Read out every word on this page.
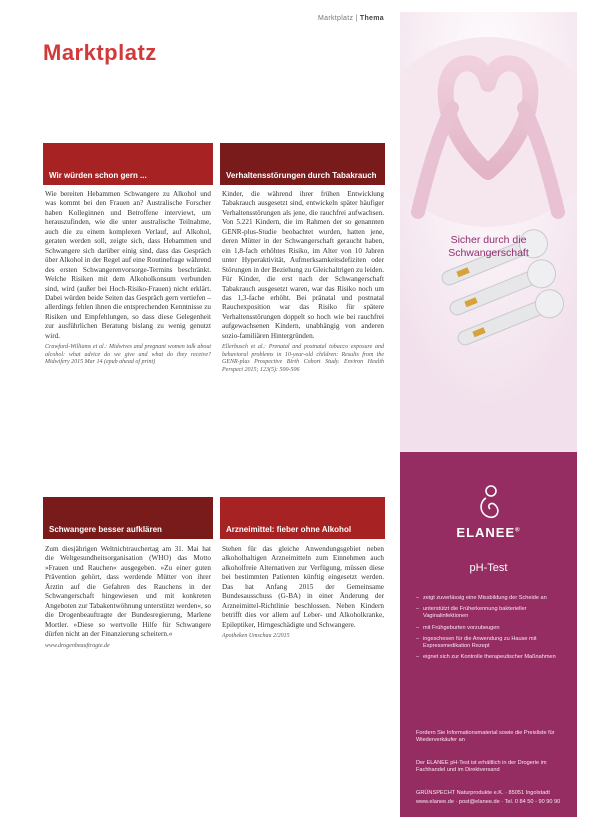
Marktplatz | Thema
Marktplatz
Wir würden schon gern ...

Wie bereiten Hebammen Schwangere zu Alkohol und was kommt bei den Frauen an? Australische Forscher haben Kolleginnen und Betroffene interviewt, um herauszufinden, wie die unter australische Teilnahme, auch die zu einem komplexen Verlauf, auf Alkohol, geraten werden soll, zeigte sich, dass Hebammen und Schwangere sich darüber einig sind, dass das Gespräch über Alkohol in der Regel auf eine Routinefrage während des ersten Schwangerenvorsorge-Termins beschränkt. Welche Risiken mit dem Alkoholkonsum verbunden sind, wird (außer bei Hoch-Risiko-Frauen) nicht erklärt. Dabei würden beide Seiten das Gespräch gern vertiefen – allerdings fehlen ihnen die entsprechenden Kenntnisse zu Risiken und Empfehlungen, so dass diese Gelegenheit zur ausführlichen Beratung bislang zu wenig genutzt wird.

Crawford-Williams et al.: Midwives and pregnant women talk about alcohol: what advice do we give and what do they receive? Midwifery 2015 Mar 14 (epub ahead of print)

Verhaltensstörungen durch Tabakrauch

Kinder, die während ihrer frühen Entwicklung Tabakrauch ausgesetzt sind, entwickeln später häufiger Verhaltensstörungen als jene, die rauchfrei aufwachsen. Von 5.221 Kindern, die im Rahmen der so genannten GENR-plus-Studie beobachtet wurden, hatten jene, deren Mütter in der Schwangerschaft geraucht haben, ein 1,8-fach erhöhtes Risiko, im Alter von 10 Jahren unter Hyperaktivität, Aufmerksamkeitsdefiziten oder Störungen in der Beziehung zu Gleichaltrigen zu leiden. Für Kinder, die erst nach der Schwangerschaft Tabakrauch ausgesetzt waren, war das Risiko noch um das 1,3-fache erhöht. Bei pränatal und postnatal Rauchexposition war das Risiko für spätere Verhaltensstörungen doppelt so hoch wie bei rauchfrei aufgewachsenen Kindern, unabhängig von anderen sozio-familiären Hintergründen.

Ellerbusch et al.: Prenatal and postnatal tobacco exposure and behavioral problems in 10-year-old children: Results from the GENR-plus Prospective Birth Cohort Study. Environ Health Perspect 2015; 123(5): 500-506

Schwangere besser aufklären

Zum diesjährigen Weltnichtrauchertag am 31. Mai hat die Weltgesundheitsorganisation (WHO) das Motto »Frauen und Rauchen« ausgegeben. »Zu einer guten Prävention gehört, dass werdende Mütter von ihrer Ärztin auf die Gefahren des Rauchens in der Schwangerschaft hingewiesen und mit konkreten Angeboten zur Tabakentwöhnung unterstützt werden«, so die Drogenbeauftragte der Bundesregierung, Marlene Mortler. »Diese so wertvolle Hilfe für Schwangere dürfen nicht an der Finanzierung scheitern.«

www.drogenbeauftragte.de

Arzneimittel: fieber ohne Alkohol

Stehen für das gleiche Anwendungsgebiet neben alkoholhaltigen Arzneimitteln zum Einnehmen auch alkoholfreie Alternativen zur Verfügung, müssen diese bei bestimmten Patienten künftig eingesetzt werden. Das hat Anfang 2015 der Gemeinsame Bundesausschuss (G-BA) in einer Änderung der Arzneimittel-Richtlinie beschlossen. Neben Kindern betrifft dies vor allem auf Leber- und Alkoholkranke, Epileptiker, Hirngeschädigte und Schwangere.

Apotheken Umschau 2/2015

Sicher durch die
Schwangerschaft
ELANEE®
pH-Test
– zeigt zuverlässig eine Missbildung der Scheide an
– unterstützt die Früherkennung bakterieller Vaginalinfektionen
– mit Frühgeburten vorzubeugen
– ingeschesen für die Anwendung zu Hause mit Expressmedikation Rezept
– eignet sich zur Kontrolle therapeutischer Maßnahmen
Fordern Sie Informationsmaterial sowie die Preisliste für Wiederverkäufer an
Der ELANEE pH-Test ist erhältlich in der Drogerie im Fachhandel und im Direktversand
GRÜNSPECHT Naturprodukte e.K. · 85051 Ingolstadt
www.elanee.de · post@elanee.de · Tel. 0 84 50 - 90 90 90
